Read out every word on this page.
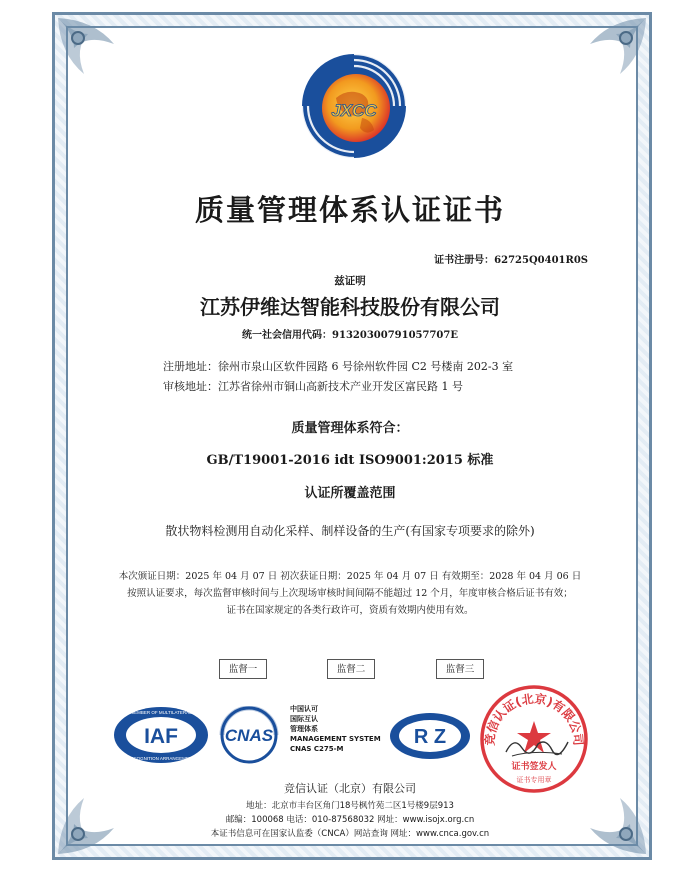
JXCC
质量管理体系认证证书
证书注册号：62725Q0401R0S
兹证明
江苏伊维达智能科技股份有限公司
统一社会信用代码：91320300791057707E
注册地址：徐州市泉山区软件园路 6 号徐州软件园 C2 号楼南 202-3 室
审核地址：江苏省徐州市铜山高新技术产业开发区富民路 1 号
质量管理体系符合：
GB/T19001-2016 idt ISO9001:2015 标准
认证所覆盖范围
散状物料检测用自动化采样、制样设备的生产(有国家专项要求的除外)
本次颁证日期：2025 年 04 月 07 日 初次获证日期：2025 年 04 月 07 日 有效期至：2028 年 04 月 06 日
按照认证要求，每次监督审核时间与上次现场审核时间间隔不能超过 12 个月，年度审核合格后证书有效；
证书在国家规定的各类行政许可，资质有效期内使用有效。
监督一	监督二	监督三
MEMBER OF MULTILATERAL
IAF
RECOGNITION ARRANGEMENT
CNAS
中国认可
国际互认
管理体系
MANAGEMENT SYSTEM
CNAS C275-M
R Z	竞信认证(北京)有限公司
证书签发人
证书专用章
竞信认证（北京）有限公司
地址：北京市丰台区角门18号枫竹苑二区1号楼9层913
邮编：100068 电话：010-87568032 网址：www.isojx.org.cn
本证书信息可在国家认监委（CNCA）网站查询 网址：www.cnca.gov.cn
